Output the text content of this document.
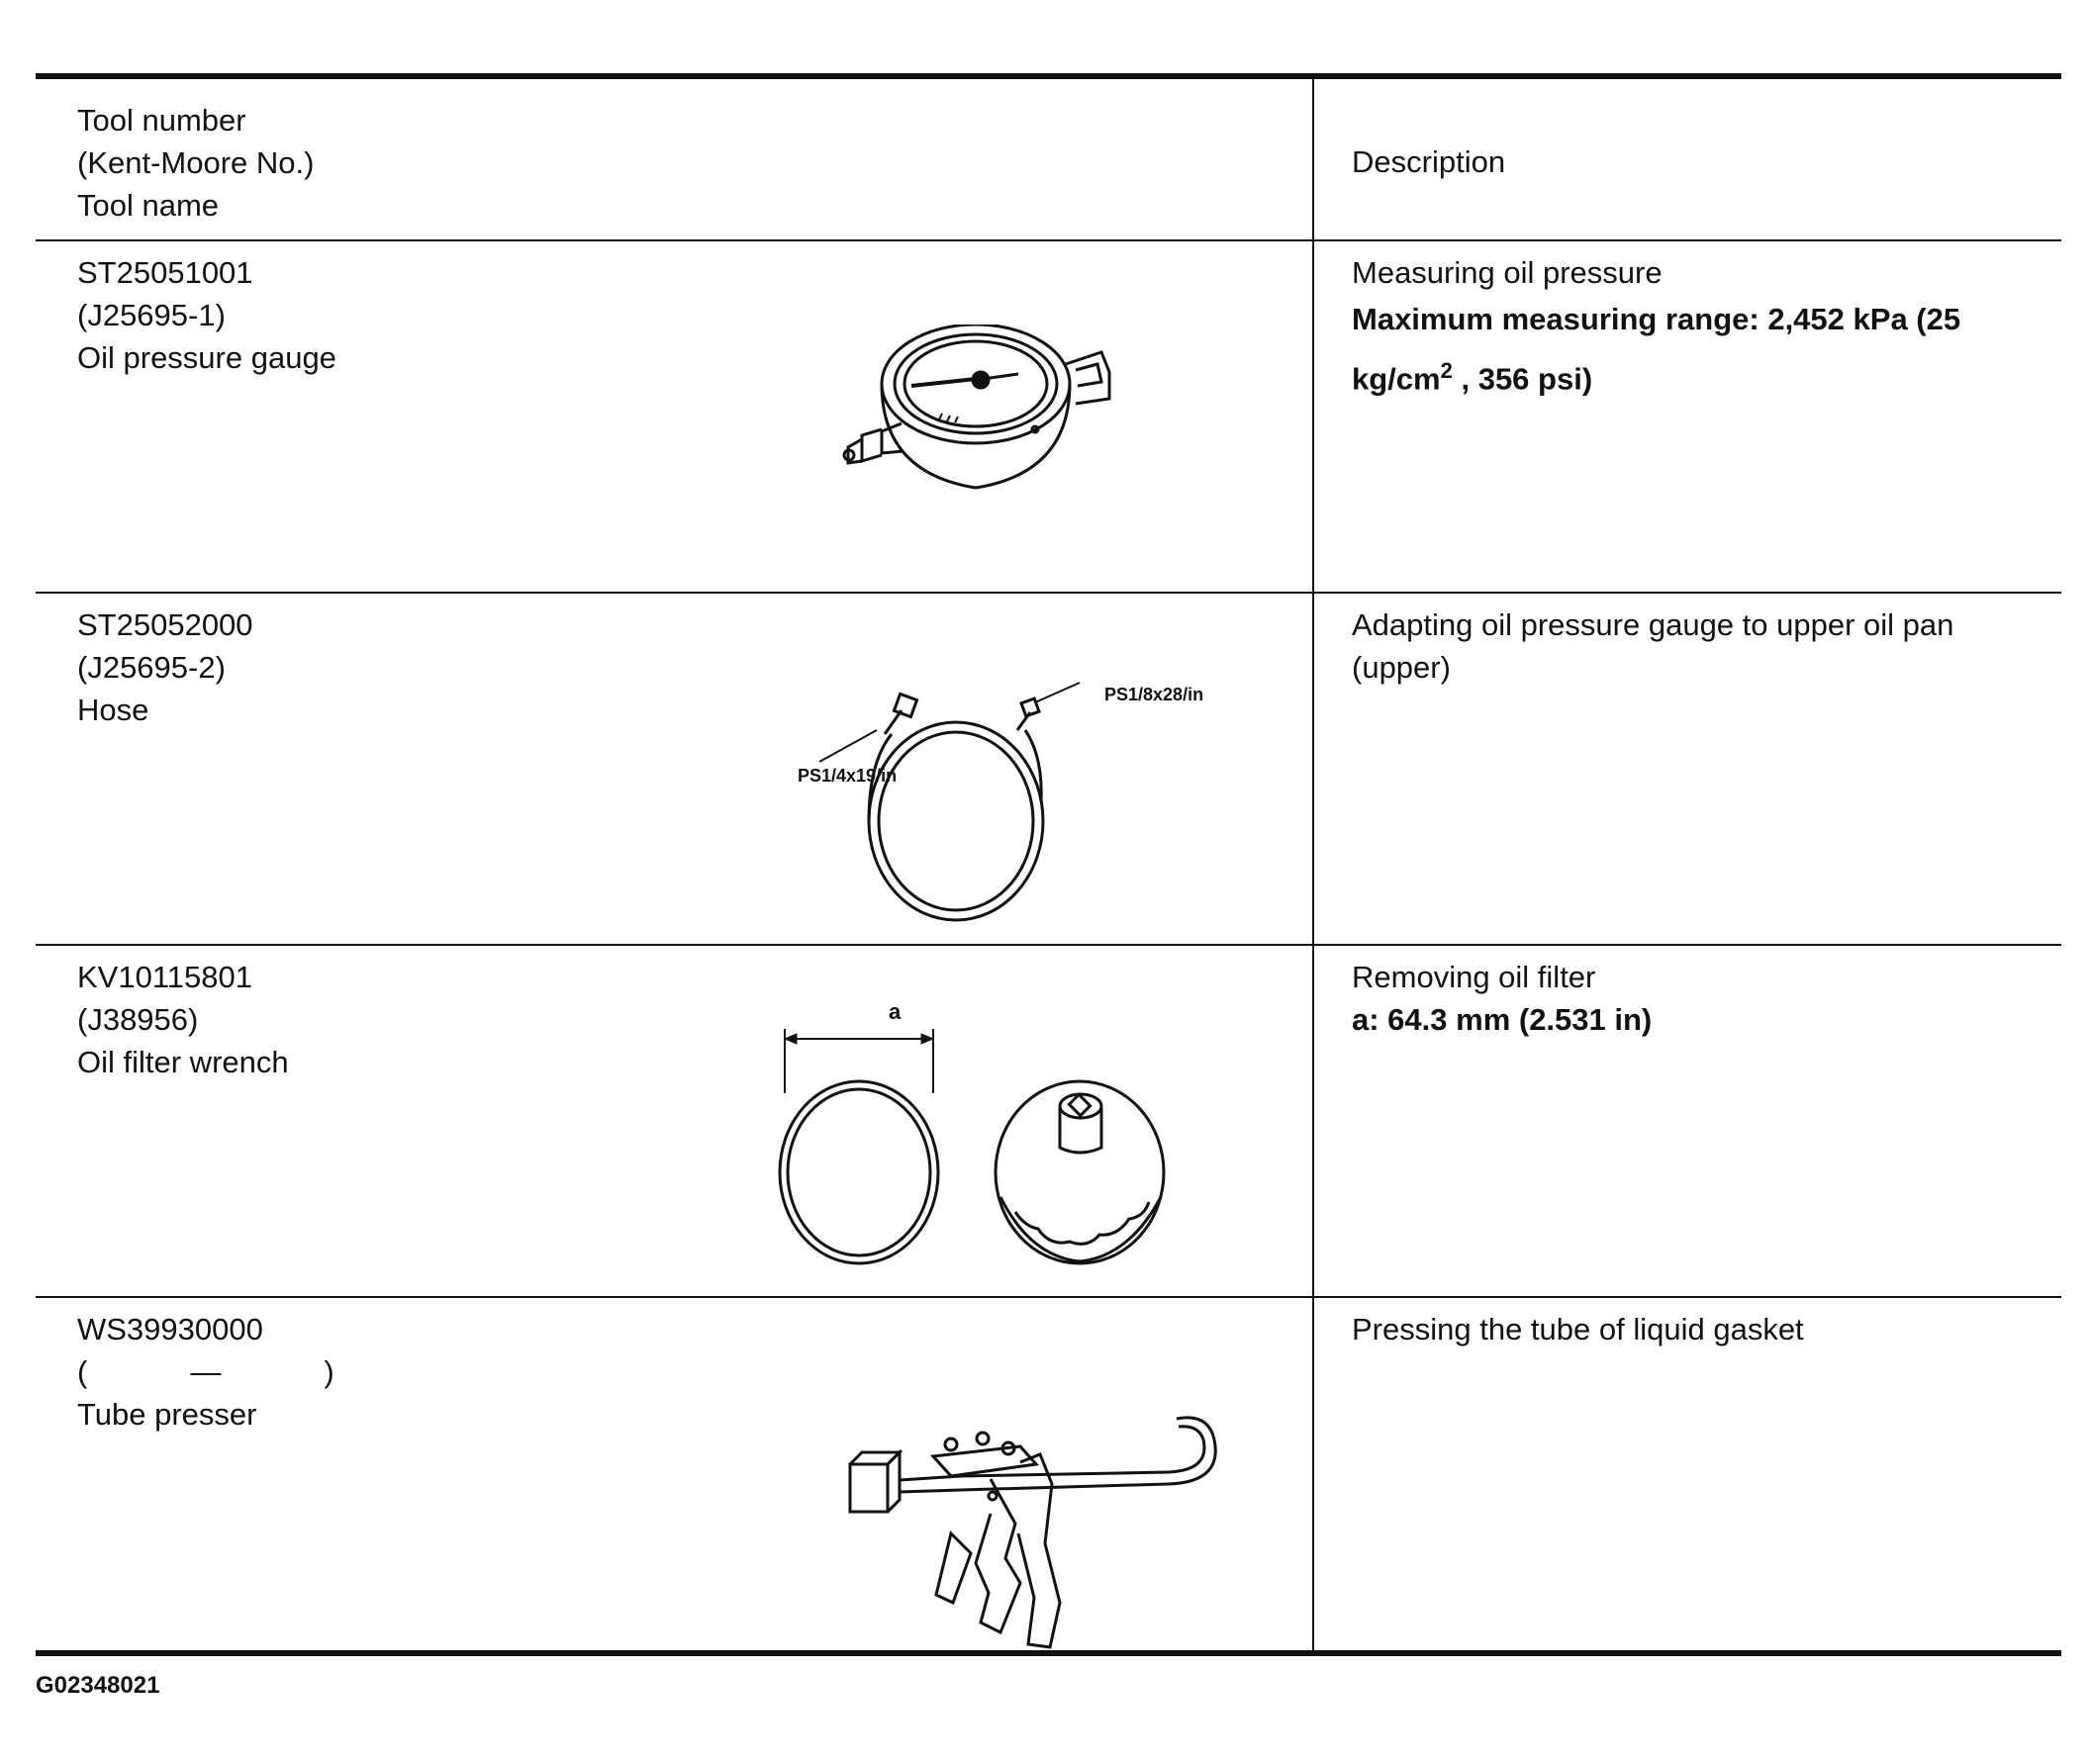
Tool number
(Kent-Moore No.)
Tool name
Description
ST25051001
(J25695-1)
Oil pressure gauge
Measuring oil pressure
Maximum measuring range: 2,452 kPa (25 $kg/cm^2$ , 356 psi)
ST25052000
(J25695-2)
Hose
Adapting oil pressure gauge to upper oil pan
(upper)
PS1/4x19/in
PS1/8x28/in
KV10115801
(J38956)
Oil filter wrench
Removing oil filter
a: 64.3 mm (2.531 in)
a
WS39930000
(	—	)
Tube presser
Pressing the tube of liquid gasket
G02348021
